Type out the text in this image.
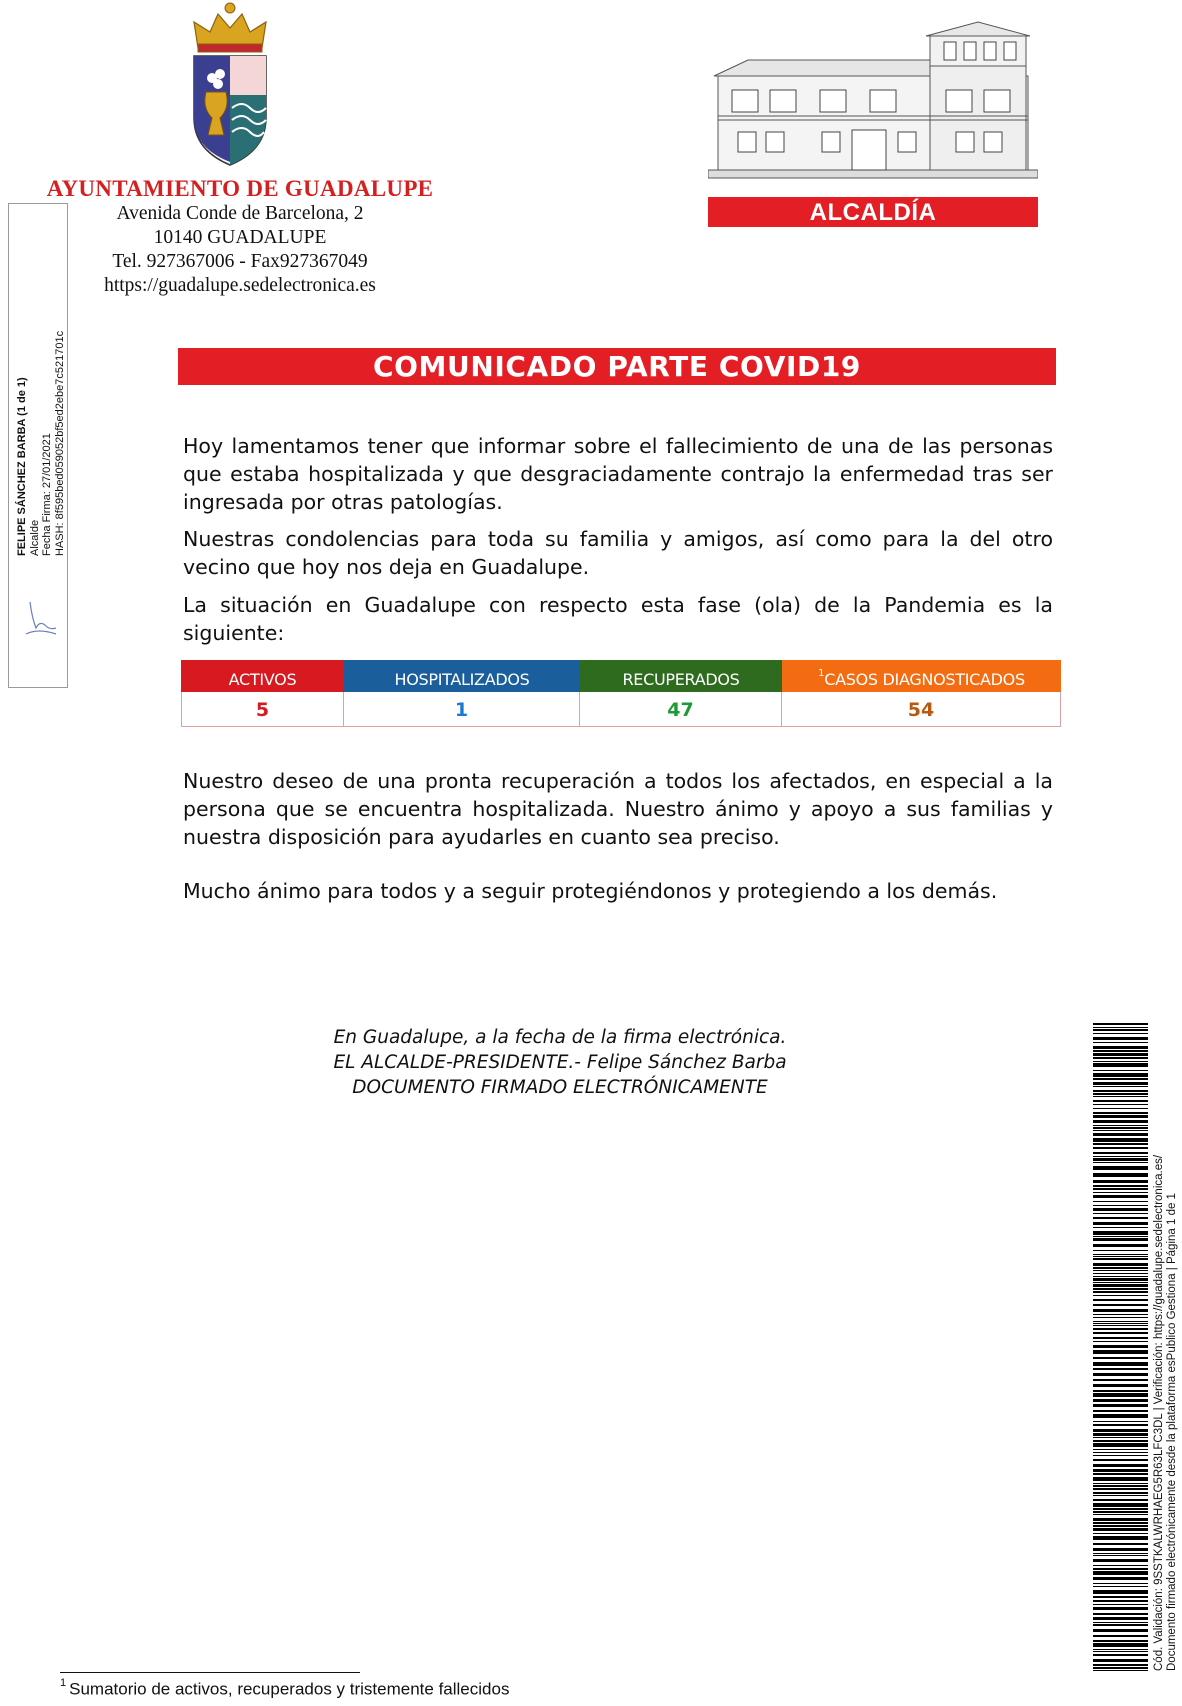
AYUNTAMIENTO DE GUADALUPE
Avenida Conde de Barcelona, 2
10140 GUADALUPE
Tel. 927367006 - Fax927367049
https://guadalupe.sedelectronica.es
ALCALDÍA
FELIPE SÁNCHEZ BARBA (1 de 1) Alcalde Fecha Firma: 27/01/2021 HASH: 8f595bed059052bf5ed2ebe7c521701c	COMUNICADO PARTE COVID19
Hoy lamentamos tener que informar sobre el fallecimiento de una de las personas que estaba hospitalizada y que desgraciadamente contrajo la enfermedad tras ser ingresada por otras patologías.
Nuestras condolencias para toda su familia y amigos, así como para la del otro vecino que hoy nos deja en Guadalupe.
La situación en Guadalupe con respecto esta fase (ola) de la Pandemia es la siguiente:
ACTIVOS
5
HOSPITALIZADOS
1
RECUPERADOS
47
$^1$CASOS DIAGNOSTICADOS
54
Nuestro deseo de una pronta recuperación a todos los afectados, en especial a la persona que se encuentra hospitalizada. Nuestro ánimo y apoyo a sus familias y nuestra disposición para ayudarles en cuanto sea preciso.
Mucho ánimo para todos y a seguir protegiéndonos y protegiendo a los demás.
En Guadalupe, a la fecha de la firma electrónica.
EL ALCALDE-PRESIDENTE.- Felipe Sánchez Barba
DOCUMENTO FIRMADO ELECTRÓNICAMENTE
Cód. Validación: 9SSTKALWRHAEG5R63LFC3DL | Verificación: https://guadalupe.sedelectronica.es/ Documento firmado electrónicamente desde la plataforma esPublico Gestiona | Página 1 de 1
$^1$ Sumatorio de activos, recuperados y tristemente fallecidos
